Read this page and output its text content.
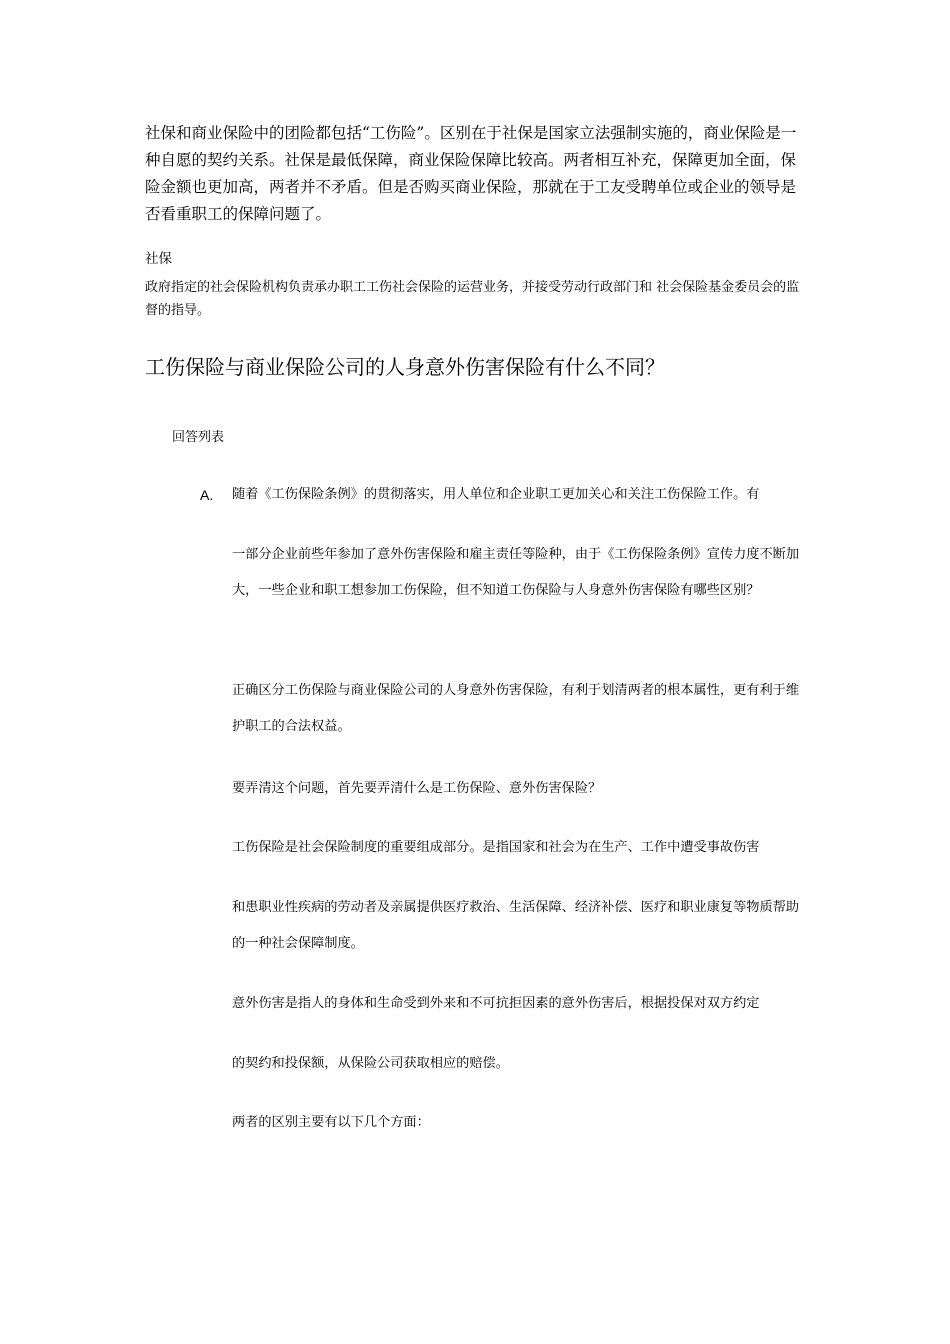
社保和商业保险中的团险都包括“工伤险”。区别在于社保是国家立法强制实施的，商业保险是一种自愿的契约关系。社保是最低保障，商业保险保障比较高。两者相互补充，保障更加全面，保险金额也更加高，两者并不矛盾。但是否购买商业保险，那就在于工友受聘单位或企业的领导是否看重职工的保障问题了。

社保

政府指定的社会保险机构负责承办职工工伤社会保险的运营业务，并接受劳动行政部门和 社会保险基金委员会的监督的指导。

工伤保险与商业保险公司的人身意外伤害保险有什么不同？

回答列表

A. 随着《工伤保险条例》的贯彻落实，用人单位和企业职工更加关心和关注工伤保险工作。有

一部分企业前些年参加了意外伤害保险和雇主责任等险种，由于《工伤保险条例》宣传力度不断加大，一些企业和职工想参加工伤保险，但不知道工伤保险与人身意外伤害保险有哪些区别？

正确区分工伤保险与商业保险公司的人身意外伤害保险，有利于划清两者的根本属性，更有利于维护职工的合法权益。

要弄清这个问题，首先要弄清什么是工伤保险、意外伤害保险？

工伤保险是社会保险制度的重要组成部分。是指国家和社会为在生产、工作中遭受事故伤害

和患职业性疾病的劳动者及亲属提供医疗救治、生活保障、经济补偿、医疗和职业康复等物质帮助的一种社会保障制度。

意外伤害是指人的身体和生命受到外来和不可抗拒因素的意外伤害后，根据投保对双方约定

的契约和投保额，从保险公司获取相应的赔偿。

两者的区别主要有以下几个方面：
